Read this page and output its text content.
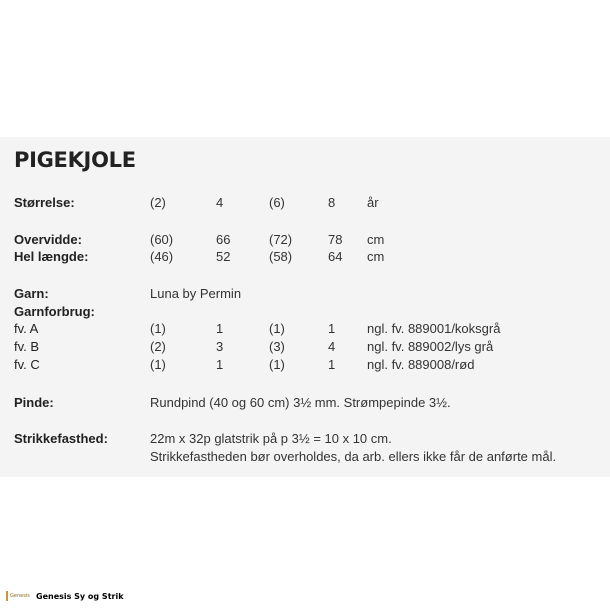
PIGEKJOLE
Størrelse:	(2)	4	(6)	8 år
Overvidde:	(60)	66	(72)	78 cm
Hel længde:	(46)	52	(58)	64 cm
Garn:	Luna by Permin
Garnforbrug:
fv. A	(1)	1	(1)	1 ngl. fv. 889001/koksgrå
fv. B	(2)	3	(3)	4 ngl. fv. 889002/lys grå
fv. C	(1)	1	(1)	1 ngl. fv. 889008/rød
Pinde:	Rundpind (40 og 60 cm) 3½ mm. Strømpepinde 3½.
Strikkefasthed:	22m x 32p glatstrik på p 3½ = 10 x 10 cm.
Strikkefastheden bør overholdes, da arb. ellers ikke får de anførte mål.
Genesis Genesis Sy og Strik
